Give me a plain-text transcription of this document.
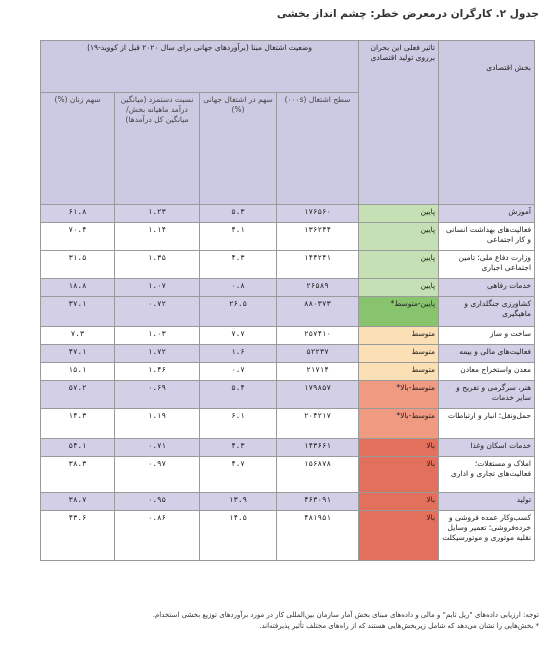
جدول ۲. کارگران درمعرض خطر: چشم انداز بخشی
بخش اقتصادی	تاثیر فعلی این بحران برروی تولید اقتصادی	وضعیت اشتغال مبنا (برآوردهای جهانی برای سال ۲۰۲۰ قبل از کووید-۱۹)			
		سطح اشتغال (۰۰۰s)	سهم در اشتغال جهانی (%)	نسبت دستمزد (میانگین درآمد ماهیانه بخش/ میانگین کل درآمدها)	سهم زنان (%)
آموزش	پایین	۱۷۶۵۶۰	۵.۳	۱.۲۳	۶۱.۸
فعالیت‌های بهداشت انسانی و کار اجتماعی	پایین	۱۳۶۲۴۴	۴.۱	۱.۱۴	۷۰.۴
وزارت دفاع ملی؛ تامین اجتماعی اجباری	پایین	۱۴۴۲۴۱	۴.۳	۱.۳۵	۳۱.۵
خدمات رفاهی	پایین	۲۶۵۸۹	۰.۸	۱.۰۷	۱۸.۸
کشاورزی جنگلداری و ماهیگیری	پایین-متوسط*	۸۸۰۳۷۳	۲۶.۵	۰.۷۲	۳۷.۱
ساخت و ساز	متوسط	۲۵۷۴۱۰	۷.۷	۱.۰۳	۷.۳
فعالیت‌های مالی و بیمه	متوسط	۵۲۲۳۷	۱.۶	۱.۷۲	۴۷.۱
معدن واستخراج معادن	متوسط	۲۱۷۱۴	۰.۷	۱.۴۶	۱۵.۱
هنر، سرگرمی و تفریح و سایر خدمات	متوسط-بالا*	۱۷۹۸۵۷	۵.۴	۰.۶۹	۵۷.۲
حمل‌ونقل؛ انبار و ارتباطات	متوسط-بالا*	۲۰۴۲۱۷	۶.۱	۱.۱۹	۱۴.۳
خدمات اسکان وغذا	بالا	۱۴۳۶۶۱	۴.۳	۰.۷۱	۵۴.۱
املاک و مستغلات؛ فعالیت‌های تجاری و اداری	بالا	۱۵۶۸۷۸	۴.۷	۰.۹۷	۳۸.۳
تولید	بالا	۴۶۳۰۹۱	۱۳.۹	۰.۹۵	۳۸.۷
کسب‌وکار عمده فروشی و خرده‌فروشی؛ تعمیر وسایل نقلیه موتوری و موتورسیکلت	بالا	۴۸۱۹۵۱	۱۴.۵	۰.۸۶	۴۳.۶
توجه: ارزیابی داده‌های "ریل تایم" و مالی و داده‌های مبنای بخش آمار سازمان بین‌المللی کار در مورد برآوردهای توزیع بخشی استخدام.
* بخش‌هایی را نشان می‌دهد که شامل زیربخش‌هایی هستند که از راه‌های مختلف تأثیر پذیرفته‌اند.
